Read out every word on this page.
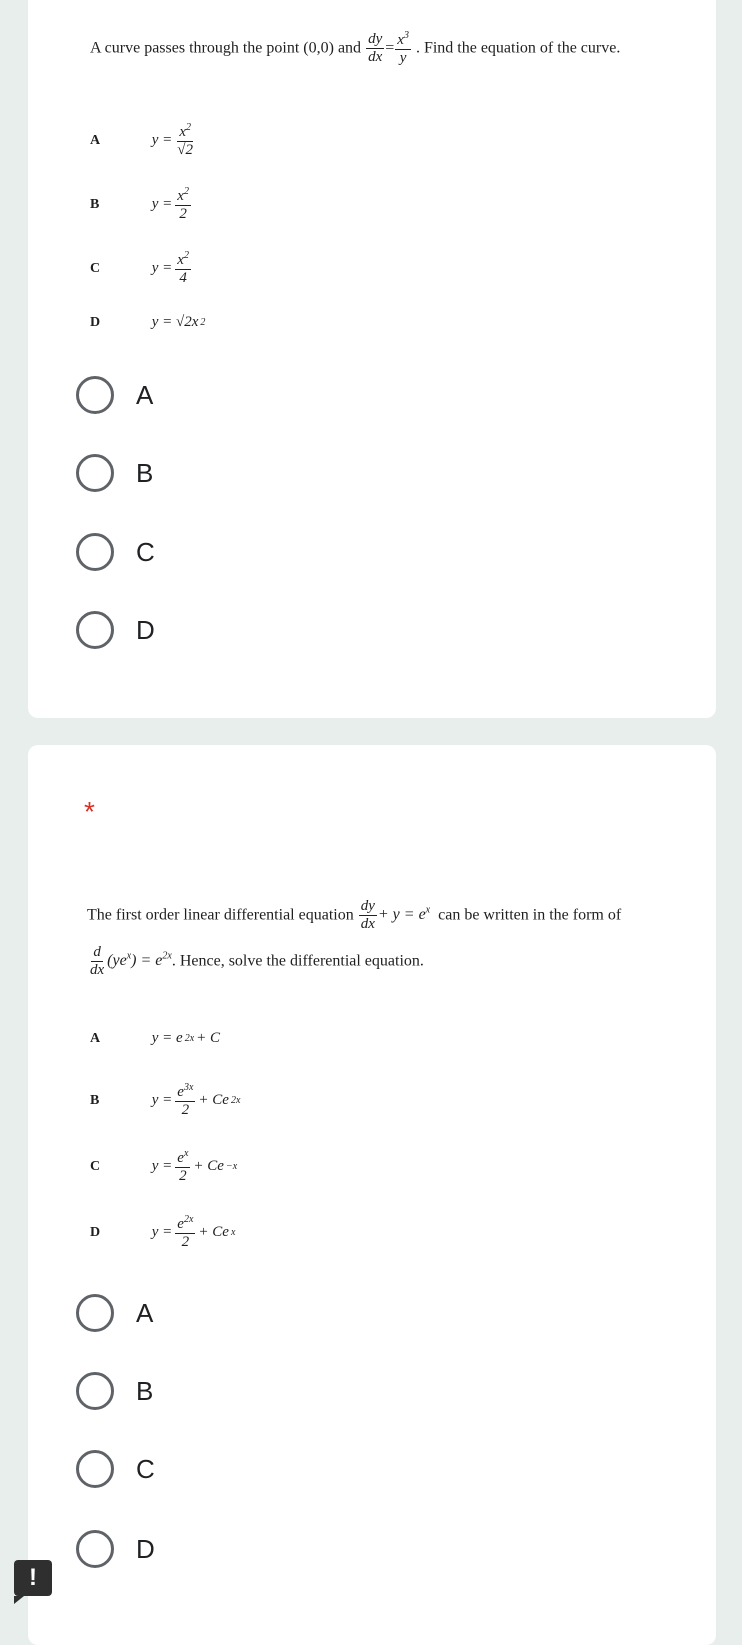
A curve passes through the point (0,0) and $\frac{dy}{dx} = \frac{x^3}{y}$ . Find the equation of the curve.
A	$y = \frac{x^2}{√2}$
B	$y = \frac{x^2}{2}$
C	$y = \frac{x^2}{4}$
D	y = √2x 2
A
B
C
D
*
The first order linear differential equation $\frac{dy}{dx} + y = e^x$ can be written in the form of
$\frac{d}{dx} (ye^x) = e^{2x}$. Hence, solve the differential equation.
A	y = e 2x + C
B	$y = \frac{e^{3x}}{2} + Ce$ 2x
C	$y = \frac{e^x}{2} + Ce -x$
D	$y = \frac{e^{2x}}{2} + Ce$ x
A
B
C
D
!
